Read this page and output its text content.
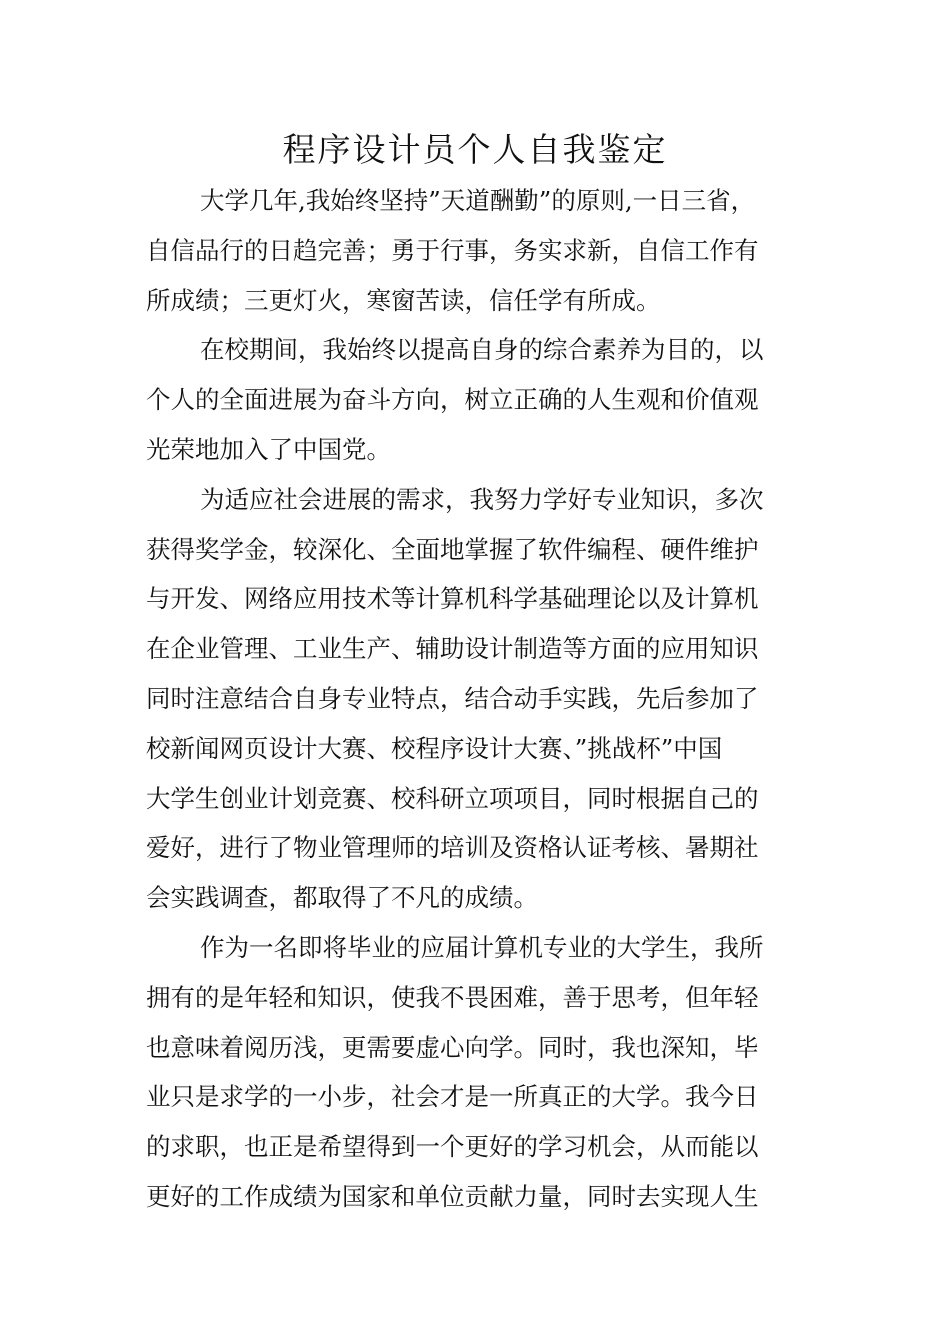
程序设计员个人自我鉴定
大学几年,我始终坚持”天道酬勤”的原则,一日三省，
自信品行的日趋完善；勇于行事，务实求新，自信工作有
所成绩；三更灯火，寒窗苦读，信任学有所成。
在校期间，我始终以提高自身的综合素养为目的，以
个人的全面进展为奋斗方向，树立正确的人生观和价值观
光荣地加入了中国党。
为适应社会进展的需求，我努力学好专业知识，多次
获得奖学金，较深化、全面地掌握了软件编程、硬件维护
与开发、网络应用技术等计算机科学基础理论以及计算机
在企业管理、工业生产、辅助设计制造等方面的应用知识
同时注意结合自身专业特点，结合动手实践，先后参加了
校新闻网页设计大赛、校程序设计大赛、”挑战杯”中国
大学生创业计划竞赛、校科研立项项目，同时根据自己的
爱好，进行了物业管理师的培训及资格认证考核、暑期社
会实践调查，都取得了不凡的成绩。
作为一名即将毕业的应届计算机专业的大学生，我所
拥有的是年轻和知识，使我不畏困难，善于思考，但年轻
也意味着阅历浅，更需要虚心向学。同时，我也深知，毕
业只是求学的一小步，社会才是一所真正的大学。我今日
的求职，也正是希望得到一个更好的学习机会，从而能以
更好的工作成绩为国家和单位贡献力量，同时去实现人生
